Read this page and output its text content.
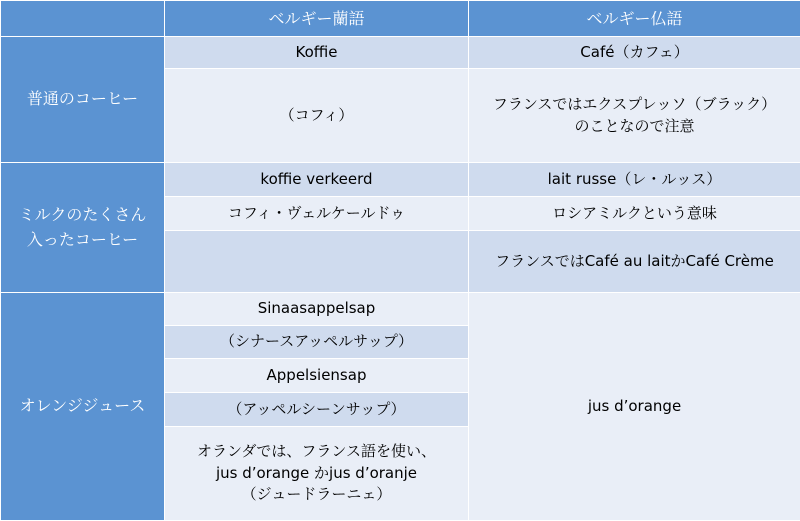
	ベルギー蘭語	ベルギー仏語
普通のコーヒー	Koffie	Café（カフェ）
	（コフィ）	フランスではエクスプレッソ（ブラック）
のことなので注意

ミルクのたくさん
入ったコーヒー	koffie verkeerd	lait russe（レ・ルッス）
	コフィ・ヴェルケールドゥ	ロシアミルクという意味
		フランスではCafé au laitかCafé Crème
オレンジジュース	Sinaasappelsap	jus d’orange
	（シナースアッペルサップ）	
	Appelsiensap	
	（アッペルシーンサップ）	

	オランダでは、フランス語を使い、
jus d’orange かjus d’oranje
（ジュードラーニェ）	
